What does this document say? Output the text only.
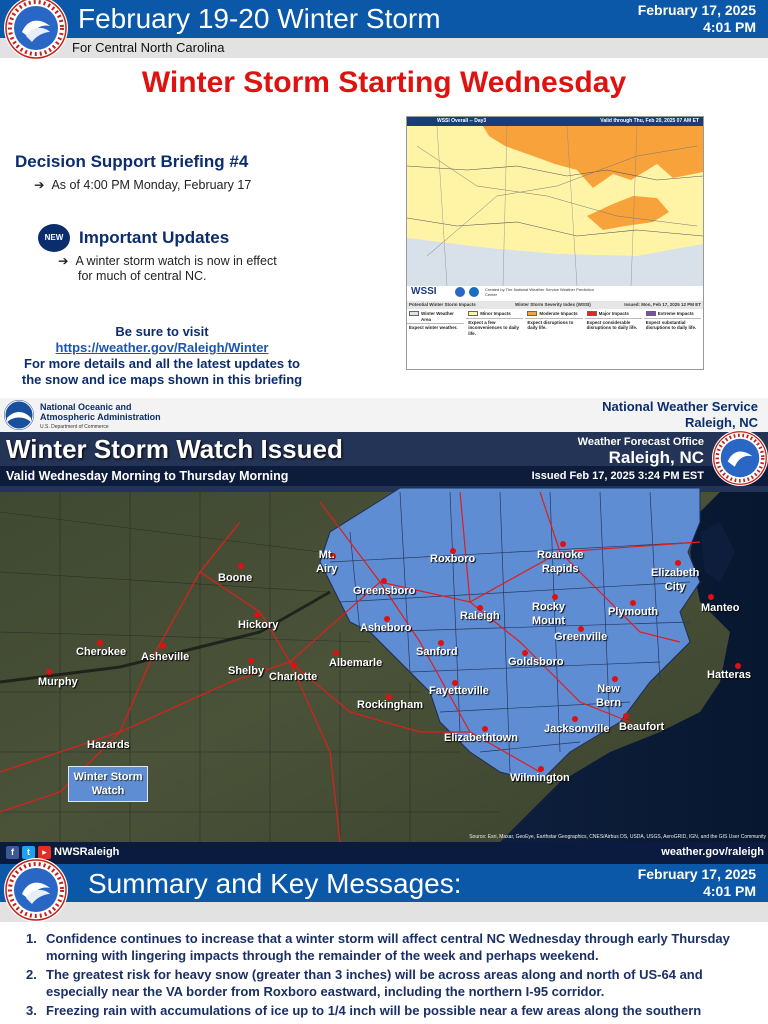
February 19-20 Winter Storm	February 17, 2025
4:01 PM
For Central North Carolina
Winter Storm Starting Wednesday
Decision Support Briefing #4
➔ As of 4:00 PM Monday, February 17
NEW Important Updates
➔ A winter storm watch is now in effect
for much of central NC.
Be sure to visit
https://weather.gov/Raleigh/Winter
For more details and all the latest updates to
the snow and ice maps shown in this briefing
WSSI Overall -- Day3	Valid through Thu, Feb 20, 2025 07 AM ET
WSSI	Created by The National Weather Service Weather Prediction Center
Potential Winter Storm Impacts	Winter Storm Severity Index (WSSI)	Issued: Mon, Feb 17, 2025 12 PM ET
Winter Weather Area
Expect winter weather.
Minor Impacts
Expect a few inconveniences to daily life.
Moderate Impacts
Expect disruptions to daily life.
Major Impacts
Expect considerable disruptions to daily life.
Extreme Impacts
Expect substantial disruptions to daily life.
National Oceanic and
Atmospheric Administration
U.S. Department of Commerce
National Weather Service
Raleigh, NC
Winter Storm Watch Issued
Valid Wednesday Morning to Thursday Morning
Weather Forecast Office
Raleigh, NC
Issued Feb 17, 2025 3:24 PM EST
Mt.
Airy
Boone
Roxboro	Roanoke
Rapids	Elizabeth
City
Greensboro
Manteo
Hickory	Asheboro
Raleigh
Rocky
Mount
Plymouth
Cherokee Asheville
Greenville
Albemarle
Sanford
Shelby Charlotte
Goldsboro
Murphy
Hatteras
New
Bern
Fayetteville
Rockingham
Hazards
Jacksonville Beaufort
Elizabethtown
Wilmington
Winter Storm Watch
Source: Esri, Maxar, GeoEye, Earthstar Geographics, CNES/Airbus DS, USDA, USGS, AeroGRID, IGN, and the GIS User Community
f	t	▸ NWSRaleigh	weather.gov/raleigh
Summary and Key Messages:	February 17, 2025
4:01 PM
1. Confidence continues to increase that a winter storm will affect central NC Wednesday through early Thursday morning with lingering impacts through the remainder of the week and perhaps weekend.
2. The greatest risk for heavy snow (greater than 3 inches) will be across areas along and north of US-64 and especially near the VA border from Roxboro eastward, including the northern I-95 corridor.
3. Freezing rain with accumulations of ice up to 1/4 inch will be possible near a few areas along the southern
